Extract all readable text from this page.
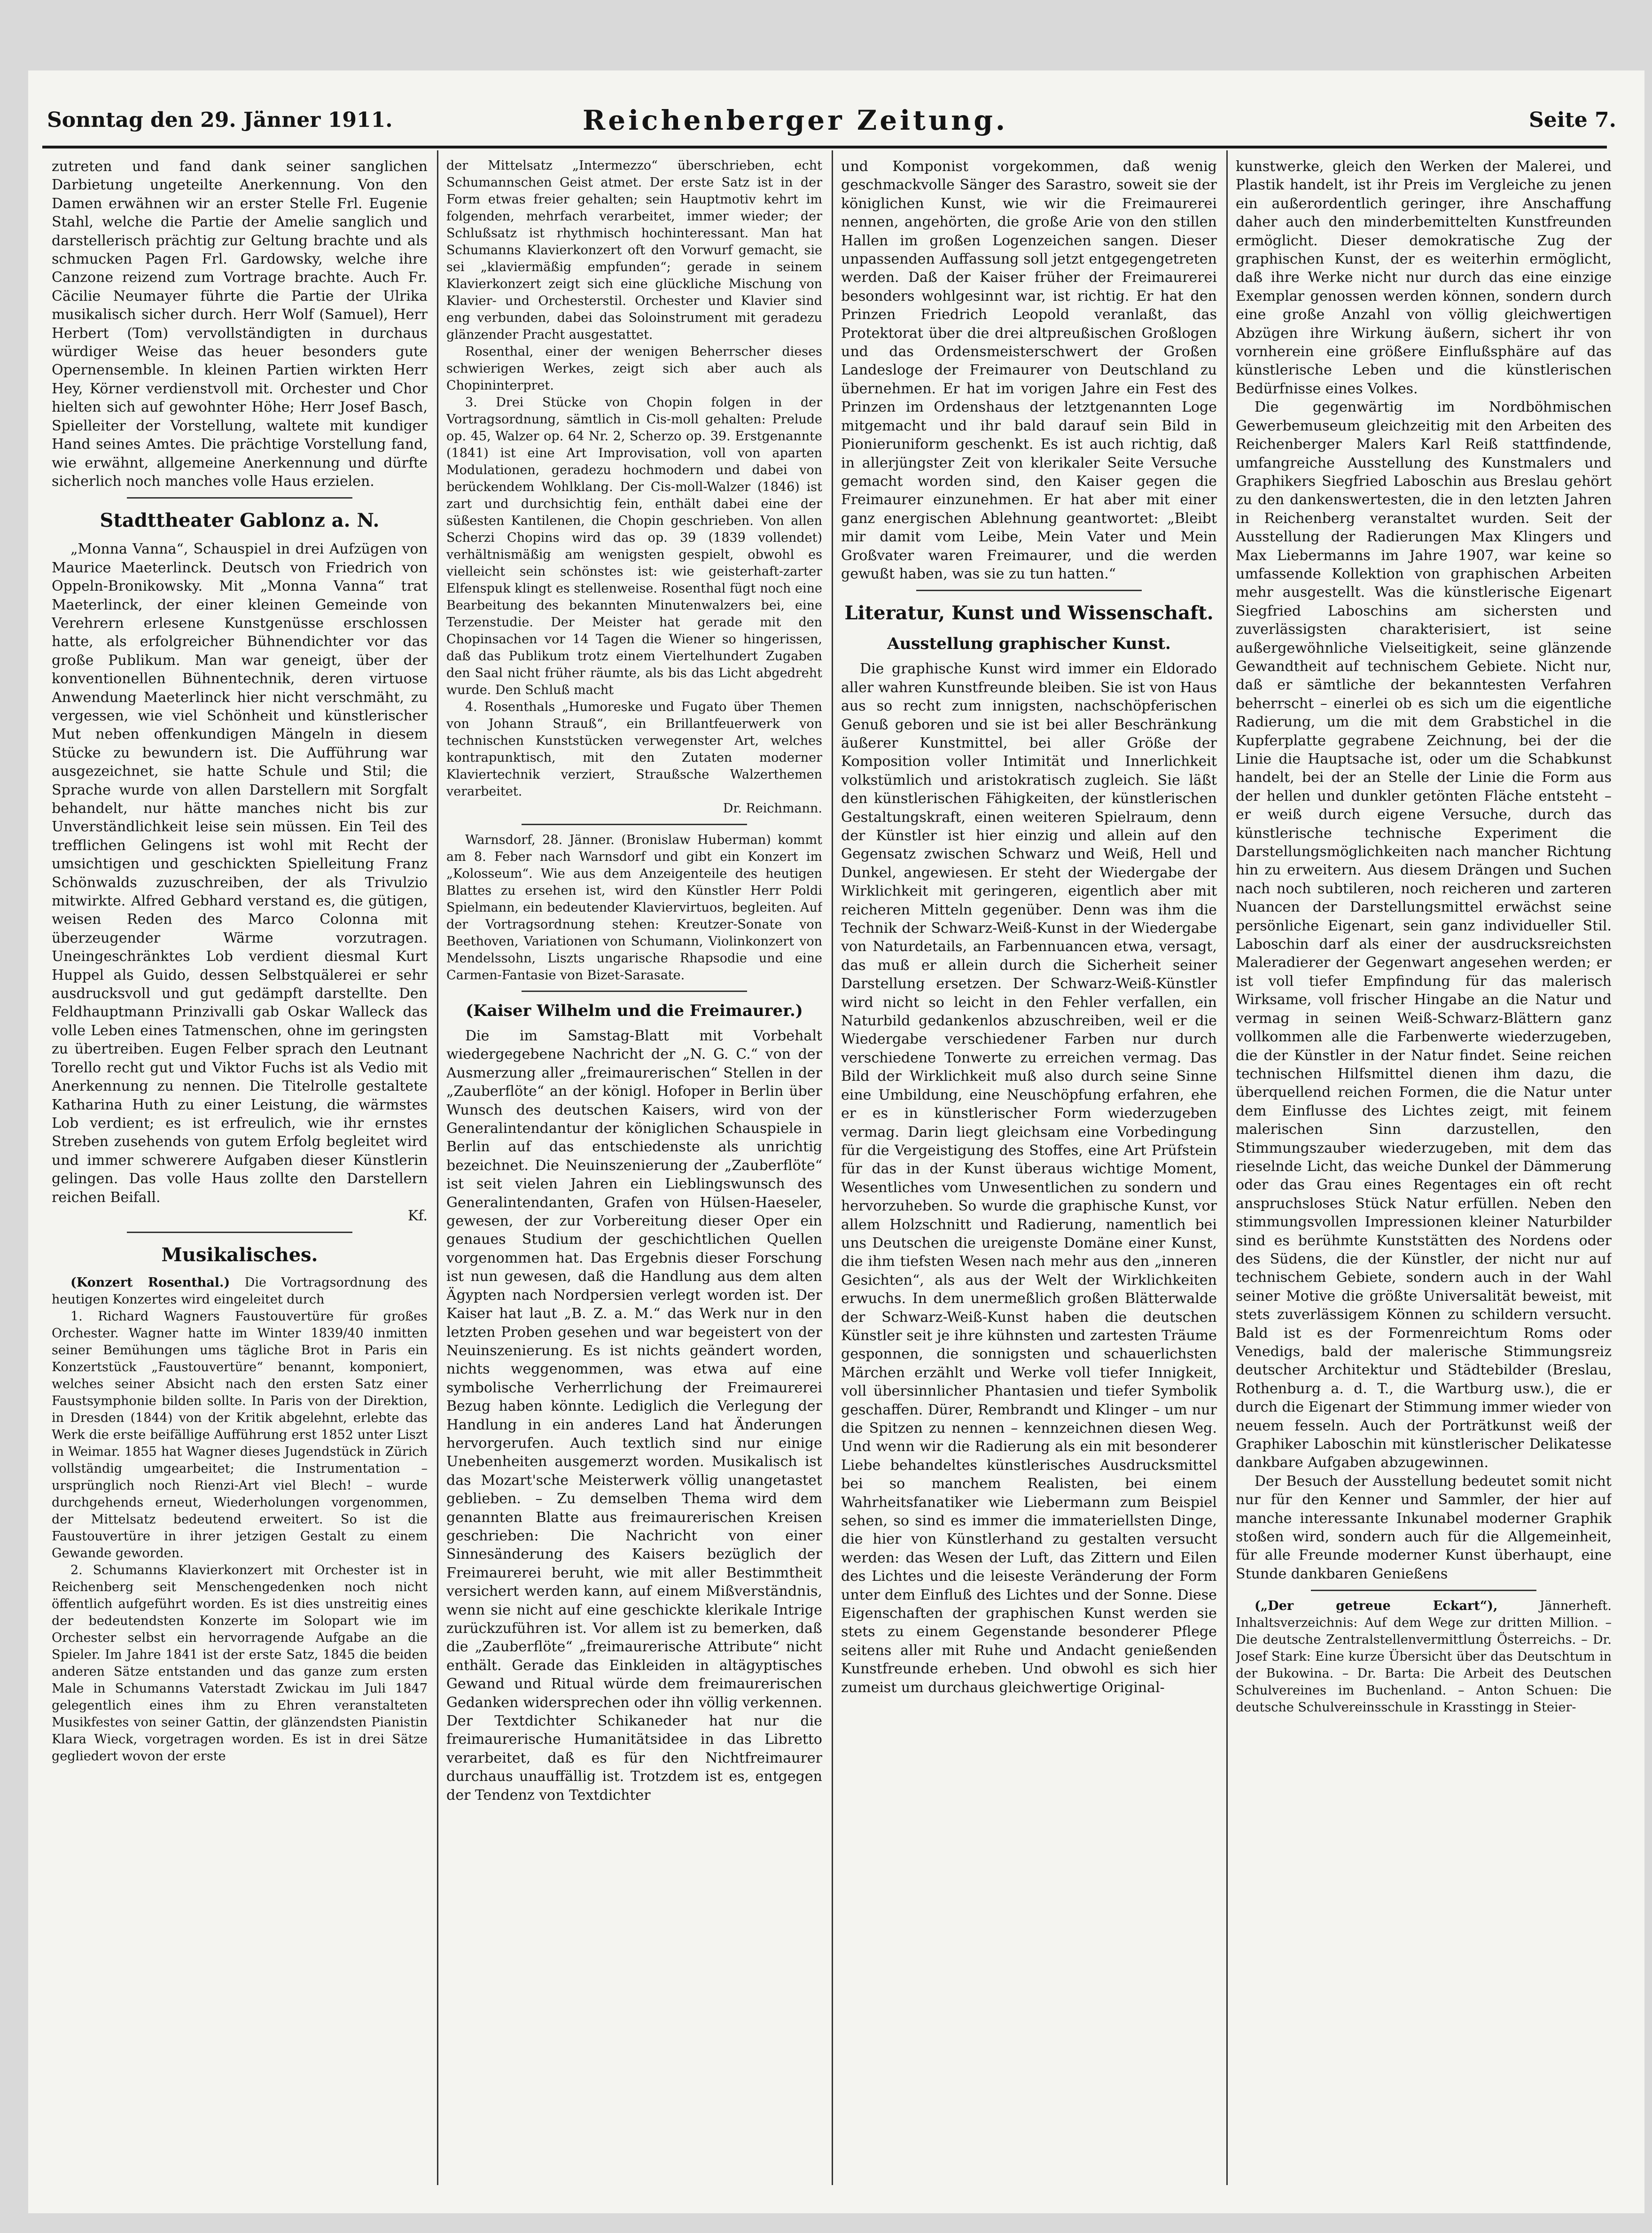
Sonntag den 29. Jänner 1911.	Reichenberger Zeitung.	Seite 7.

zutreten und fand dank seiner sanglichen Darbietung ungeteilte Anerkennung. Von den Damen erwähnen wir an erster Stelle Frl. Eugenie Stahl, welche die Partie der Amelie sanglich und darstellerisch prächtig zur Geltung brachte und als schmucken Pagen Frl. Gardowsky, welche ihre Canzone reizend zum Vortrage brachte. Auch Fr. Cäcilie Neumayer führte die Partie der Ulrika musikalisch sicher durch. Herr Wolf (Samuel), Herr Herbert (Tom) vervollständigten in durchaus würdiger Weise das heuer besonders gute Opernensemble. In kleinen Partien wirkten Herr Hey, Körner verdienstvoll mit. Orchester und Chor hielten sich auf gewohnter Höhe; Herr Josef Basch, Spielleiter der Vorstellung, waltete mit kundiger Hand seines Amtes. Die prächtige Vorstellung fand, wie erwähnt, allgemeine Anerkennung und dürfte sicherlich noch manches volle Haus erzielen.

Stadttheater Gablonz a. N.

„Monna Vanna“, Schauspiel in drei Aufzügen von Maurice Maeterlinck. Deutsch von Friedrich von Oppeln-Bronikowsky. Mit „Monna Vanna“ trat Maeterlinck, der einer kleinen Gemeinde von Verehrern erlesene Kunstgenüsse erschlossen hatte, als erfolgreicher Bühnendichter vor das große Publikum. Man war geneigt, über der konventionellen Bühnentechnik, deren virtuose Anwendung Maeterlinck hier nicht verschmäht, zu vergessen, wie viel Schönheit und künstlerischer Mut neben offenkundigen Mängeln in diesem Stücke zu bewundern ist. Die Aufführung war ausgezeichnet, sie hatte Schule und Stil; die Sprache wurde von allen Darstellern mit Sorgfalt behandelt, nur hätte manches nicht bis zur Unverständlichkeit leise sein müssen. Ein Teil des trefflichen Gelingens ist wohl mit Recht der umsichtigen und geschickten Spielleitung Franz Schönwalds zuzuschreiben, der als Trivulzio mitwirkte. Alfred Gebhard verstand es, die gütigen, weisen Reden des Marco Colonna mit überzeugender Wärme vorzutragen. Uneingeschränktes Lob verdient diesmal Kurt Huppel als Guido, dessen Selbstquälerei er sehr ausdrucksvoll und gut gedämpft darstellte. Den Feldhauptmann Prinzivalli gab Oskar Walleck das volle Leben eines Tatmenschen, ohne im geringsten zu übertreiben. Eugen Felber sprach den Leutnant Torello recht gut und Viktor Fuchs ist als Vedio mit Anerkennung zu nennen. Die Titelrolle gestaltete Katharina Huth zu einer Leistung, die wärmstes Lob verdient; es ist erfreulich, wie ihr ernstes Streben zusehends von gutem Erfolg begleitet wird und immer schwerere Aufgaben dieser Künstlerin gelingen. Das volle Haus zollte den Darstellern reichen Beifall.

Kf.

Musikalisches.

(Konzert Rosenthal.) Die Vortragsordnung des heutigen Konzertes wird eingeleitet durch

1. Richard Wagners Faustouvertüre für großes Orchester. Wagner hatte im Winter 1839/40 inmitten seiner Bemühungen ums tägliche Brot in Paris ein Konzertstück „Faustouvertüre“ benannt, komponiert, welches seiner Absicht nach den ersten Satz einer Faustsymphonie bilden sollte. In Paris von der Direktion, in Dresden (1844) von der Kritik abgelehnt, erlebte das Werk die erste beifällige Aufführung erst 1852 unter Liszt in Weimar. 1855 hat Wagner dieses Jugendstück in Zürich vollständig umgearbeitet; die Instrumentation – ursprünglich noch Rienzi-Art viel Blech! – wurde durchgehends erneut, Wiederholungen vorgenommen, der Mittelsatz bedeutend erweitert. So ist die Faustouvertüre in ihrer jetzigen Gestalt zu einem Gewande geworden.

2. Schumanns Klavierkonzert mit Orchester ist in Reichenberg seit Menschengedenken noch nicht öffentlich aufgeführt worden. Es ist dies unstreitig eines der bedeutendsten Konzerte im Solopart wie im Orchester selbst ein hervorragende Aufgabe an die Spieler. Im Jahre 1841 ist der erste Satz, 1845 die beiden anderen Sätze entstanden und das ganze zum ersten Male in Schumanns Vaterstadt Zwickau im Juli 1847 gelegentlich eines ihm zu Ehren veranstalteten Musikfestes von seiner Gattin, der glänzendsten Pianistin Klara Wieck, vorgetragen worden. Es ist in drei Sätze gegliedert wovon der erste

der Mittelsatz „Intermezzo“ überschrieben, echt Schumannschen Geist atmet. Der erste Satz ist in der Form etwas freier gehalten; sein Hauptmotiv kehrt im folgenden, mehrfach verarbeitet, immer wieder; der Schlußsatz ist rhythmisch hochinteressant. Man hat Schumanns Klavierkonzert oft den Vorwurf gemacht, sie sei „klaviermäßig empfunden“; gerade in seinem Klavierkonzert zeigt sich eine glückliche Mischung von Klavier- und Orchesterstil. Orchester und Klavier sind eng verbunden, dabei das Soloinstrument mit geradezu glänzender Pracht ausgestattet.

Rosenthal, einer der wenigen Beherrscher dieses schwierigen Werkes, zeigt sich aber auch als Chopininterpret.

3. Drei Stücke von Chopin folgen in der Vortragsordnung, sämtlich in Cis-moll gehalten: Prelude op. 45, Walzer op. 64 Nr. 2, Scherzo op. 39. Erstgenannte (1841) ist eine Art Improvisation, voll von aparten Modulationen, geradezu hochmodern und dabei von berückendem Wohlklang. Der Cis-moll-Walzer (1846) ist zart und durchsichtig fein, enthält dabei eine der süßesten Kantilenen, die Chopin geschrieben. Von allen Scherzi Chopins wird das op. 39 (1839 vollendet) verhältnismäßig am wenigsten gespielt, obwohl es vielleicht sein schönstes ist: wie geisterhaft-zarter Elfenspuk klingt es stellenweise. Rosenthal fügt noch eine Bearbeitung des bekannten Minutenwalzers bei, eine Terzenstudie. Der Meister hat gerade mit den Chopinsachen vor 14 Tagen die Wiener so hingerissen, daß das Publikum trotz einem Viertelhundert Zugaben den Saal nicht früher räumte, als bis das Licht abgedreht wurde. Den Schluß macht

4. Rosenthals „Humoreske und Fugato über Themen von Johann Strauß“, ein Brillantfeuerwerk von technischen Kunststücken verwegenster Art, welches kontrapunktisch, mit den Zutaten moderner Klaviertechnik verziert, Straußsche Walzerthemen verarbeitet.

Dr. Reichmann.

Warnsdorf, 28. Jänner. (Bronislaw Huberman) kommt am 8. Feber nach Warnsdorf und gibt ein Konzert im „Kolosseum“. Wie aus dem Anzeigenteile des heutigen Blattes zu ersehen ist, wird den Künstler Herr Poldi Spielmann, ein bedeutender Klaviervirtuos, begleiten. Auf der Vortragsordnung stehen: Kreutzer-Sonate von Beethoven, Variationen von Schumann, Violinkonzert von Mendelssohn, Liszts ungarische Rhapsodie und eine Carmen-Fantasie von Bizet-Sarasate.

(Kaiser Wilhelm und die Freimaurer.)

Die im Samstag-Blatt mit Vorbehalt wiedergegebene Nachricht der „N. G. C.“ von der Ausmerzung aller „freimaurerischen“ Stellen in der „Zauberflöte“ an der königl. Hofoper in Berlin über Wunsch des deutschen Kaisers, wird von der Generalintendantur der königlichen Schauspiele in Berlin auf das entschiedenste als unrichtig bezeichnet. Die Neuinszenierung der „Zauberflöte“ ist seit vielen Jahren ein Lieblingswunsch des Generalintendanten, Grafen von Hülsen-Haeseler, gewesen, der zur Vorbereitung dieser Oper ein genaues Studium der geschichtlichen Quellen vorgenommen hat. Das Ergebnis dieser Forschung ist nun gewesen, daß die Handlung aus dem alten Ägypten nach Nordpersien verlegt worden ist. Der Kaiser hat laut „B. Z. a. M.“ das Werk nur in den letzten Proben gesehen und war begeistert von der Neuinszenierung. Es ist nichts geändert worden, nichts weggenommen, was etwa auf eine symbolische Verherrlichung der Freimaurerei Bezug haben könnte. Lediglich die Verlegung der Handlung in ein anderes Land hat Änderungen hervorgerufen. Auch textlich sind nur einige Unebenheiten ausgemerzt worden. Musikalisch ist das Mozart'sche Meisterwerk völlig unangetastet geblieben. – Zu demselben Thema wird dem genannten Blatte aus freimaurerischen Kreisen geschrieben: Die Nachricht von einer Sinnesänderung des Kaisers bezüglich der Freimaurerei beruht, wie mit aller Bestimmtheit versichert werden kann, auf einem Mißverständnis, wenn sie nicht auf eine geschickte klerikale Intrige zurückzuführen ist. Vor allem ist zu bemerken, daß die „Zauberflöte“ „freimaurerische Attribute“ nicht enthält. Gerade das Einkleiden in altägyptisches Gewand und Ritual würde dem freimaurerischen Gedanken widersprechen oder ihn völlig verkennen. Der Textdichter Schikaneder hat nur die freimaurerische Humanitätsidee in das Libretto verarbeitet, daß es für den Nichtfreimaurer durchaus unauffällig ist. Trotzdem ist es, entgegen der Tendenz von Textdichter

und Komponist vorgekommen, daß wenig geschmackvolle Sänger des Sarastro, soweit sie der königlichen Kunst, wie wir die Freimaurerei nennen, angehörten, die große Arie von den stillen Hallen im großen Logenzeichen sangen. Dieser unpassenden Auffassung soll jetzt entgegengetreten werden. Daß der Kaiser früher der Freimaurerei besonders wohlgesinnt war, ist richtig. Er hat den Prinzen Friedrich Leopold veranlaßt, das Protektorat über die drei altpreußischen Großlogen und das Ordensmeisterschwert der Großen Landesloge der Freimaurer von Deutschland zu übernehmen. Er hat im vorigen Jahre ein Fest des Prinzen im Ordenshaus der letztgenannten Loge mitgemacht und ihr bald darauf sein Bild in Pionieruniform geschenkt. Es ist auch richtig, daß in allerjüngster Zeit von klerikaler Seite Versuche gemacht worden sind, den Kaiser gegen die Freimaurer einzunehmen. Er hat aber mit einer ganz energischen Ablehnung geantwortet: „Bleibt mir damit vom Leibe, Mein Vater und Mein Großvater waren Freimaurer, und die werden gewußt haben, was sie zu tun hatten.“

Literatur, Kunst und Wissenschaft.
Ausstellung graphischer Kunst.

Die graphische Kunst wird immer ein Eldorado aller wahren Kunstfreunde bleiben. Sie ist von Haus aus so recht zum innigsten, nachschöpferischen Genuß geboren und sie ist bei aller Beschränkung äußerer Kunstmittel, bei aller Größe der Komposition voller Intimität und Innerlichkeit volkstümlich und aristokratisch zugleich. Sie läßt den künstlerischen Fähigkeiten, der künstlerischen Gestaltungskraft, einen weiteren Spielraum, denn der Künstler ist hier einzig und allein auf den Gegensatz zwischen Schwarz und Weiß, Hell und Dunkel, angewiesen. Er steht der Wiedergabe der Wirklichkeit mit geringeren, eigentlich aber mit reicheren Mitteln gegenüber. Denn was ihm die Technik der Schwarz-Weiß-Kunst in der Wiedergabe von Naturdetails, an Farbennuancen etwa, versagt, das muß er allein durch die Sicherheit seiner Darstellung ersetzen. Der Schwarz-Weiß-Künstler wird nicht so leicht in den Fehler verfallen, ein Naturbild gedankenlos abzuschreiben, weil er die Wiedergabe verschiedener Farben nur durch verschiedene Tonwerte zu erreichen vermag. Das Bild der Wirklichkeit muß also durch seine Sinne eine Umbildung, eine Neuschöpfung erfahren, ehe er es in künstlerischer Form wiederzugeben vermag. Darin liegt gleichsam eine Vorbedingung für die Vergeistigung des Stoffes, eine Art Prüfstein für das in der Kunst überaus wichtige Moment, Wesentliches vom Unwesentlichen zu sondern und hervorzuheben. So wurde die graphische Kunst, vor allem Holzschnitt und Radierung, namentlich bei uns Deutschen die ureigenste Domäne einer Kunst, die ihm tiefsten Wesen nach mehr aus den „inneren Gesichten“, als aus der Welt der Wirklichkeiten erwuchs. In dem unermeßlich großen Blätterwalde der Schwarz-Weiß-Kunst haben die deutschen Künstler seit je ihre kühnsten und zartesten Träume gesponnen, die sonnigsten und schauerlichsten Märchen erzählt und Werke voll tiefer Innigkeit, voll übersinnlicher Phantasien und tiefer Symbolik geschaffen. Dürer, Rembrandt und Klinger – um nur die Spitzen zu nennen – kennzeichnen diesen Weg. Und wenn wir die Radierung als ein mit besonderer Liebe behandeltes künstlerisches Ausdrucksmittel bei so manchem Realisten, bei einem Wahrheitsfanatiker wie Liebermann zum Beispiel sehen, so sind es immer die immateriellsten Dinge, die hier von Künstlerhand zu gestalten versucht werden: das Wesen der Luft, das Zittern und Eilen des Lichtes und die leiseste Veränderung der Form unter dem Einfluß des Lichtes und der Sonne. Diese Eigenschaften der graphischen Kunst werden sie stets zu einem Gegenstande besonderer Pflege seitens aller mit Ruhe und Andacht genießenden Kunstfreunde erheben. Und obwohl es sich hier zumeist um durchaus gleichwertige Original-

kunstwerke, gleich den Werken der Malerei, und Plastik handelt, ist ihr Preis im Vergleiche zu jenen ein außerordentlich geringer, ihre Anschaffung daher auch den minderbemittelten Kunstfreunden ermöglicht. Dieser demokratische Zug der graphischen Kunst, der es weiterhin ermöglicht, daß ihre Werke nicht nur durch das eine einzige Exemplar genossen werden können, sondern durch eine große Anzahl von völlig gleichwertigen Abzügen ihre Wirkung äußern, sichert ihr von vornherein eine größere Einflußsphäre auf das künstlerische Leben und die künstlerischen Bedürfnisse eines Volkes.

Die gegenwärtig im Nordböhmischen Gewerbemuseum gleichzeitig mit den Arbeiten des Reichenberger Malers Karl Reiß stattfindende, umfangreiche Ausstellung des Kunstmalers und Graphikers Siegfried Laboschin aus Breslau gehört zu den dankenswertesten, die in den letzten Jahren in Reichenberg veranstaltet wurden. Seit der Ausstellung der Radierungen Max Klingers und Max Liebermanns im Jahre 1907, war keine so umfassende Kollektion von graphischen Arbeiten mehr ausgestellt. Was die künstlerische Eigenart Siegfried Laboschins am sichersten und zuverlässigsten charakterisiert, ist seine außergewöhnliche Vielseitigkeit, seine glänzende Gewandtheit auf technischem Gebiete. Nicht nur, daß er sämtliche der bekanntesten Verfahren beherrscht – einerlei ob es sich um die eigentliche Radierung, um die mit dem Grabstichel in die Kupferplatte gegrabene Zeichnung, bei der die Linie die Hauptsache ist, oder um die Schabkunst handelt, bei der an Stelle der Linie die Form aus der hellen und dunkler getönten Fläche entsteht – er weiß durch eigene Versuche, durch das künstlerische technische Experiment die Darstellungsmöglichkeiten nach mancher Richtung hin zu erweitern. Aus diesem Drängen und Suchen nach noch subtileren, noch reicheren und zarteren Nuancen der Darstellungsmittel erwächst seine persönliche Eigenart, sein ganz individueller Stil. Laboschin darf als einer der ausdrucksreichsten Maleradierer der Gegenwart angesehen werden; er ist voll tiefer Empfindung für das malerisch Wirksame, voll frischer Hingabe an die Natur und vermag in seinen Weiß-Schwarz-Blättern ganz vollkommen alle die Farbenwerte wiederzugeben, die der Künstler in der Natur findet. Seine reichen technischen Hilfsmittel dienen ihm dazu, die überquellend reichen Formen, die die Natur unter dem Einflusse des Lichtes zeigt, mit feinem malerischen Sinn darzustellen, den Stimmungszauber wiederzugeben, mit dem das rieselnde Licht, das weiche Dunkel der Dämmerung oder das Grau eines Regentages ein oft recht anspruchsloses Stück Natur erfüllen. Neben den stimmungsvollen Impressionen kleiner Naturbilder sind es berühmte Kunststätten des Nordens oder des Südens, die der Künstler, der nicht nur auf technischem Gebiete, sondern auch in der Wahl seiner Motive die größte Universalität beweist, mit stets zuverlässigem Können zu schildern versucht. Bald ist es der Formenreichtum Roms oder Venedigs, bald der malerische Stimmungsreiz deutscher Architektur und Städtebilder (Breslau, Rothenburg a. d. T., die Wartburg usw.), die er durch die Eigenart der Stimmung immer wieder von neuem fesseln. Auch der Porträtkunst weiß der Graphiker Laboschin mit künstlerischer Delikatesse dankbare Aufgaben abzugewinnen.

Der Besuch der Ausstellung bedeutet somit nicht nur für den Kenner und Sammler, der hier auf manche interessante Inkunabel moderner Graphik stoßen wird, sondern auch für die Allgemeinheit, für alle Freunde moderner Kunst überhaupt, eine Stunde dankbaren Genießens

(„Der getreue Eckart“),	Jännerheft. Inhaltsverzeichnis: Auf dem Wege zur dritten Million. – Die deutsche Zentralstellenvermittlung Österreichs. – Dr. Josef Stark: Eine kurze Übersicht über das Deutschtum in der Bukowina. – Dr. Barta: Die Arbeit des Deutschen Schulvereines im Buchenland. – Anton Schuen: Die deutsche Schulvereinsschule in Krasstingg in Steier-
